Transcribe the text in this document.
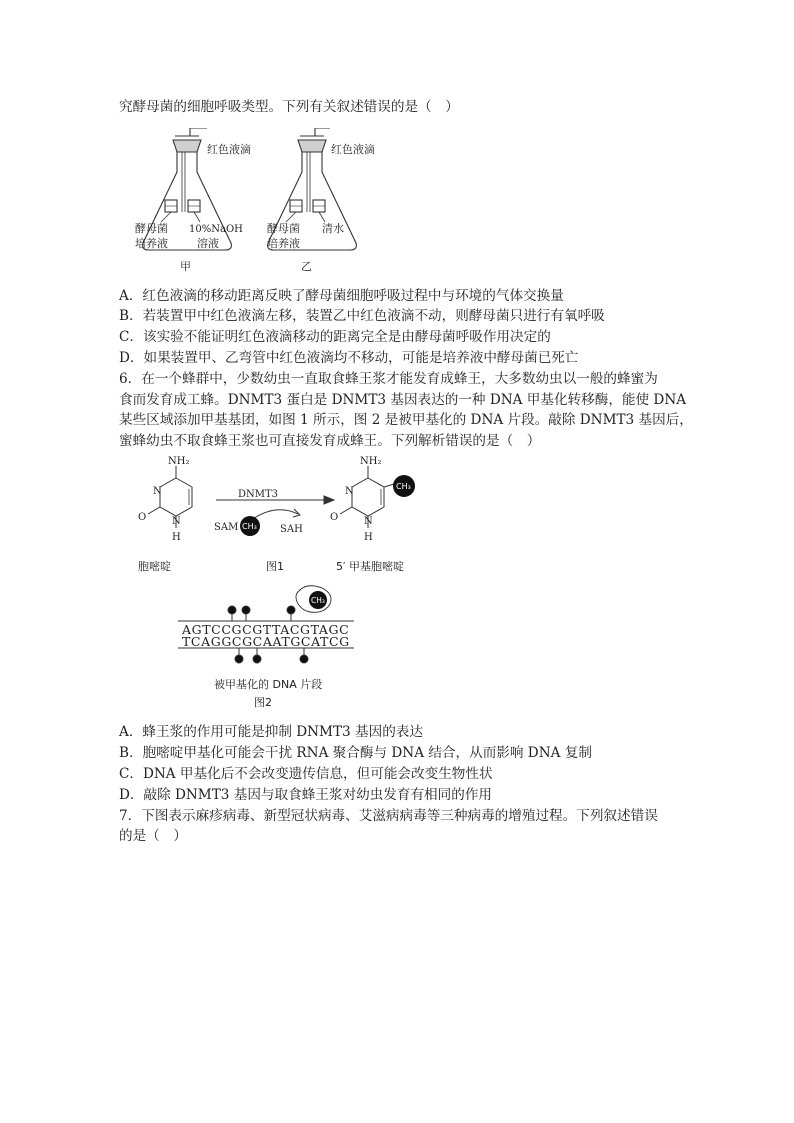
究酵母菌的细胞呼吸类型。下列有关叙述错误的是（　）
红色液滴
酵母菌
培养液
10%NaOH
溶液
甲
红色液滴
酵母菌
培养液
清水
乙
A．红色液滴的移动距离反映了酵母菌细胞呼吸过程中与环境的气体交换量
B．若装置甲中红色液滴左移，装置乙中红色液滴不动，则酵母菌只进行有氧呼吸
C．该实验不能证明红色液滴移动的距离完全是由酵母菌呼吸作用决定的
D．如果装置甲、乙弯管中红色液滴均不移动，可能是培养液中酵母菌已死亡
6．在一个蜂群中，少数幼虫一直取食蜂王浆才能发育成蜂王，大多数幼虫以一般的蜂蜜为
食而发育成工蜂。DNMT3 蛋白是 DNMT3 基因表达的一种 DNA 甲基化转移酶，能使 DNA
某些区域添加甲基基团，如图 1 所示，图 2 是被甲基化的 DNA 片段。敲除 DNMT3 基因后，
蜜蜂幼虫不取食蜂王浆也可直接发育成蜂王。下列解析错误的是（　）
NH₂
N
N
O
H
DNMT3
SAM CH₃ SAH
NH₂
N
N
O
H
CH₃
胞嘧啶	图1	5′ 甲基胞嘧啶
CH₃
AGTCCGCGTTACGTAGC
TCAGGCGCAATGCATCG
被甲基化的 DNA 片段
图2
A．蜂王浆的作用可能是抑制 DNMT3 基因的表达
B．胞嘧啶甲基化可能会干扰 RNA 聚合酶与 DNA 结合，从而影响 DNA 复制
C．DNA 甲基化后不会改变遗传信息，但可能会改变生物性状
D．敲除 DNMT3 基因与取食蜂王浆对幼虫发育有相同的作用
7．下图表示麻疹病毒、新型冠状病毒、艾滋病病毒等三种病毒的增殖过程。下列叙述错误
的是（　）
